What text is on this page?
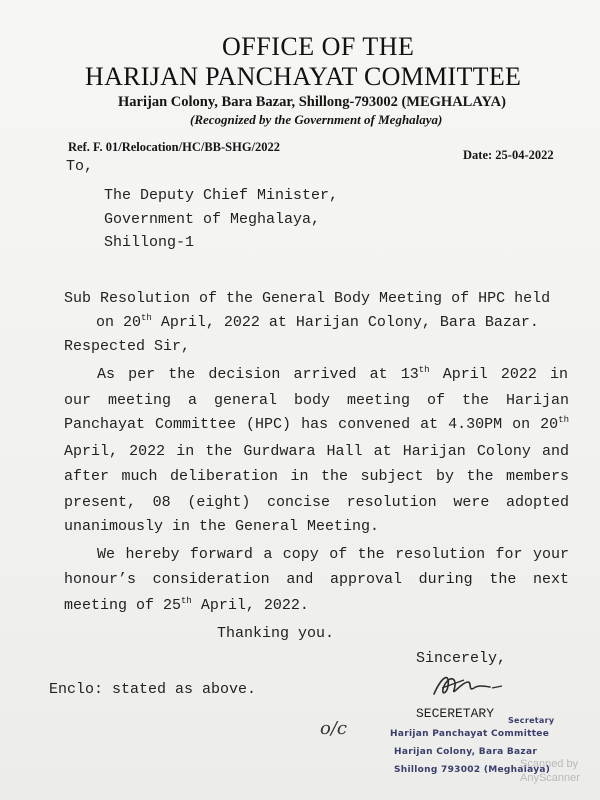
OFFICE OF THE
HARIJAN PANCHAYAT COMMITTEE
Harijan Colony, Bara Bazar, Shillong-793002 (MEGHALAYA)
(Recognized by the Government of Meghalaya)
Ref. F. 01/Relocation/HC/BB-SHG/2022
Date: 25-04-2022
To,
The Deputy Chief Minister,
Government of Meghalaya,
Shillong-1
Sub Resolution of the General Body Meeting of HPC held
on 20th April, 2022 at Harijan Colony, Bara Bazar.
Respected Sir,
As per the decision arrived at 13th April 2022 in
our meeting a general body meeting of the Harijan
Panchayat Committee (HPC) has convened at 4.30PM on 20th
April, 2022 in the Gurdwara Hall at Harijan Colony and
after much deliberation in the subject by the members
present, 08 (eight) concise resolution were adopted
unanimously in the General Meeting.
We hereby forward a copy of the resolution for your
honour’s consideration and approval during the next
meeting of 25th April, 2022.
Thanking you.
Sincerely,
Enclo: stated as above.
SECERETARY
o/c	Secretary
Harijan Panchayat Committee
Harijan Colony, Bara Bazar
Shillong 793002 (Meghalaya)
Scanned by
AnyScanner
